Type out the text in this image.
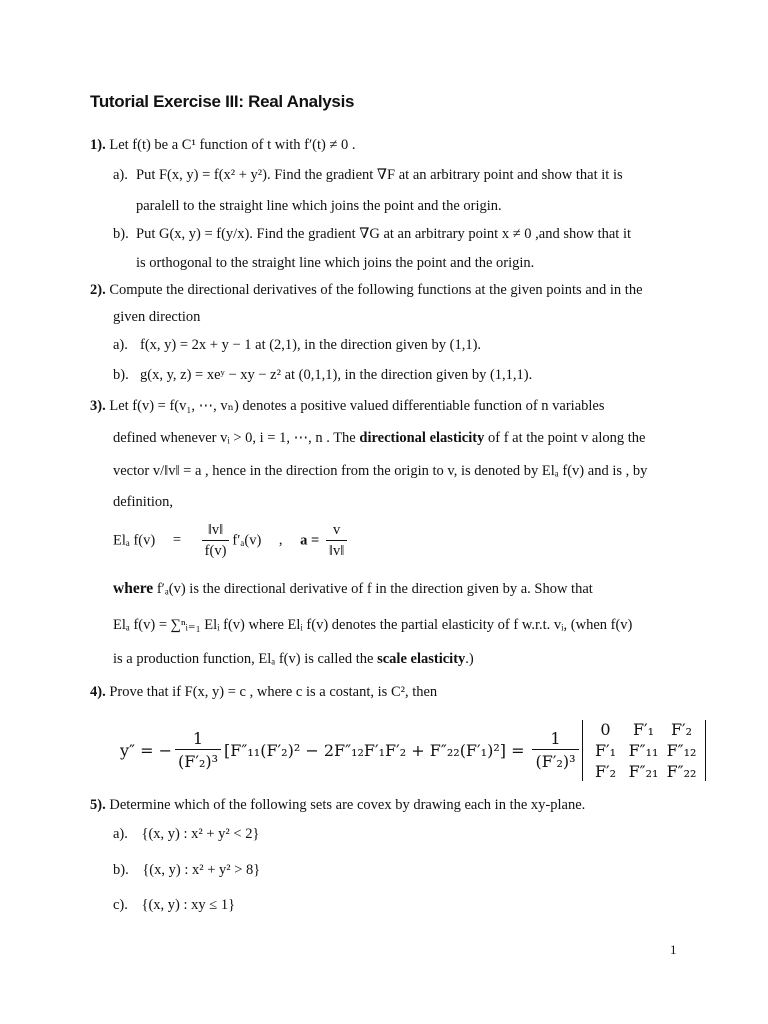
Tutorial Exercise III: Real Analysis
1). Let f(t) be a C¹ function of t with f′(t) ≠ 0 .
a). Put F(x, y) = f(x² + y²). Find the gradient ∇F at an arbitrary point and show that it is
paralell to the straight line which joins the point and the origin.
b). Put G(x, y) = f(y/x). Find the gradient ∇G at an arbitrary point x ≠ 0 ,and show that it
is orthogonal to the straight line which joins the point and the origin.
2). Compute the directional derivatives of the following functions at the given points and in the
given direction
a). f(x, y) = 2x + y − 1 at (2,1), in the direction given by (1,1).
b). g(x, y, z) = xeʸ − xy − z² at (0,1,1), in the direction given by (1,1,1).
3). Let f(v) = f(v₁, ⋯, vₙ) denotes a positive valued differentiable function of n variables
defined whenever vᵢ > 0, i = 1, ⋯, n . The directional elasticity of f at the point v along the
vector v/‖v‖ = a , hence in the direction from the origin to v, is denoted by Elₐ f(v) and is , by
definition,
Elₐ $f(v) = \frac{‖v‖}{f(v)} f'_a(v)$ , $a = \frac{v}{‖v‖}$
where f′ₐ(v) is the directional derivative of f in the direction given by a. Show that
Elₐ f(v) = ∑ⁿᵢ₌₁ Elᵢ f(v) where Elᵢ f(v) denotes the partial elasticity of f w.r.t. vᵢ, (when f(v)
is a production function, Elₐ f(v) is called the scale elasticity.)
4). Prove that if F(x, y) = c , where c is a costant, is C², then
y″ = − $\frac{1}{\text{(F′₂)³}} [F''_{11}(F'_2)^2 - 2F''_{12}F'_1F'_2 + F''_{22}(F'_1)^2] = \frac{1}{\text{(F′₂)³}}$	0	F′₁	F′₂
F′₁ F″₁₁ F″₁₂
F′₂ F″₂₁ F″₂₂
5). Determine which of the following sets are covex by drawing each in the xy-plane.
a). {(x, y) : x² + y² < 2}
b). {(x, y) : x² + y² > 8}
c). {(x, y) : xy ≤ 1}
1
